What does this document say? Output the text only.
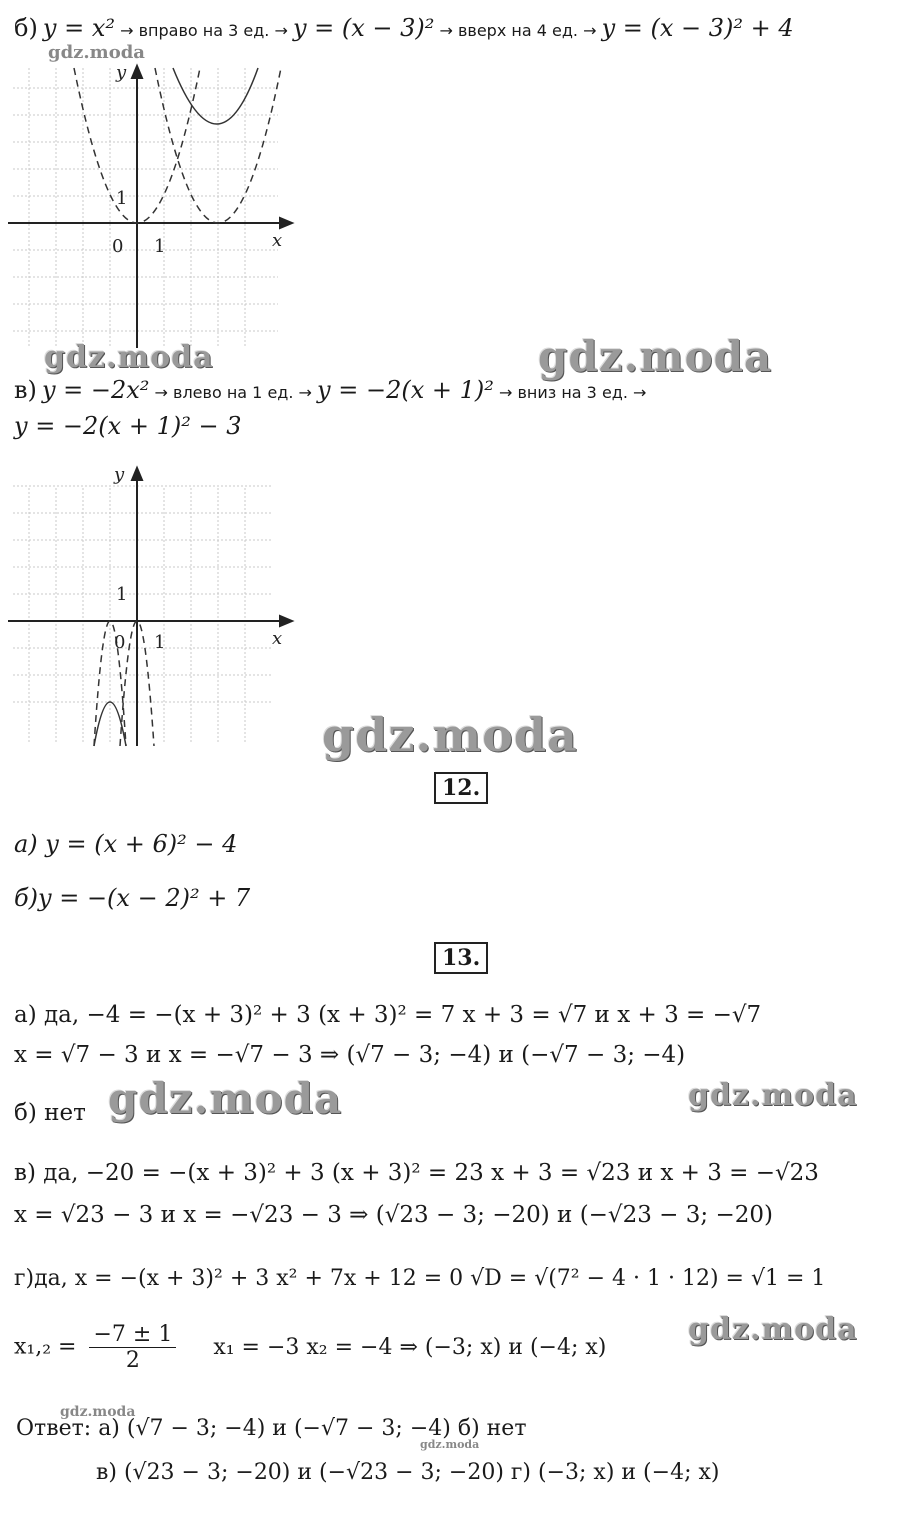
б) y = x² → вправо на 3 ед. → y = (x − 3)² → вверх на 4 ед. → y = (x − 3)² + 4
gdz.moda
y
x
0 1
1
gdz.moda	gdz.moda
в) y = −2x² → влево на 1 ед. → y = −2(x + 1)² → вниз на 3 ед. →
y = −2(x + 1)² − 3
y
x
0 1
1
gdz.moda
12.
а) y = (x + 6)² − 4
б)y = −(x − 2)² + 7
13.
а) да, −4 = −(x + 3)² + 3 (x + 3)² = 7 x + 3 = √7 и x + 3 = −√7
x = √7 − 3 и x = −√7 − 3 ⇒ (√7 − 3; −4) и (−√7 − 3; −4)
б) нет gdz.moda	gdz.moda
в) да, −20 = −(x + 3)² + 3 (x + 3)² = 23 x + 3 = √23 и x + 3 = −√23
x = √23 − 3 и x = −√23 − 3 ⇒ (√23 − 3; −20) и (−√23 − 3; −20)
г)да, x = −(x + 3)² + 3 x² + 7x + 12 = 0 √D = √(7² − 4 · 1 · 12) = √1 = 1
gdz.moda
$x_1,_2 = \frac{-7 \pm 1}{2} x_1 = -3$ x₂ = −4 ⇒ (−3; x) и (−4; x)
gdz.moda
Ответ: а) (√7 − 3; −4) и (−√7 − 3; −4) б) нет
gdz.moda
в) (√23 − 3; −20) и (−√23 − 3; −20) г) (−3; x) и (−4; x)
